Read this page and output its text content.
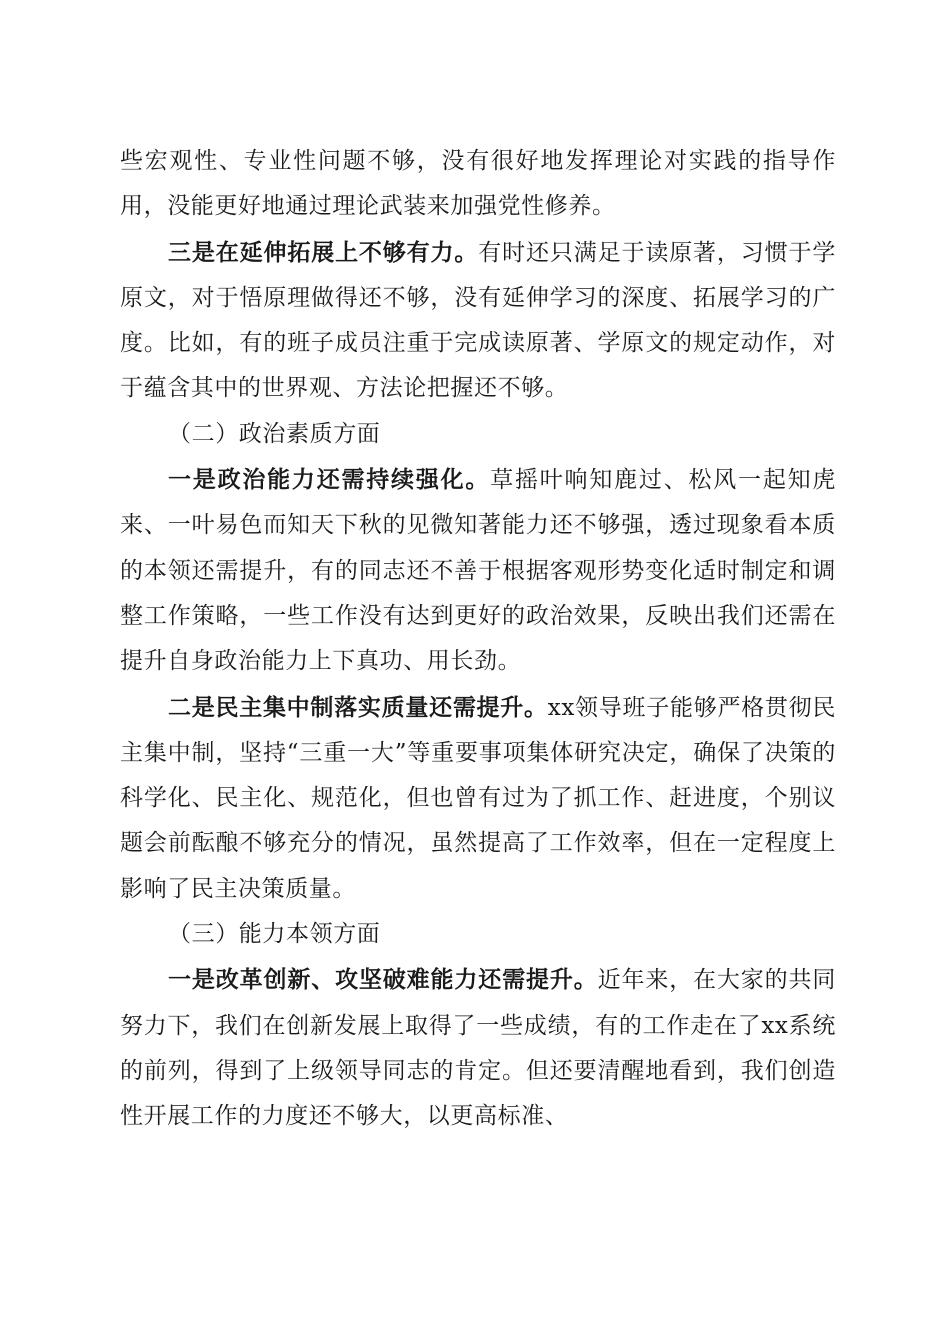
些宏观性、专业性问题不够，没有很好地发挥理论对实践的指导作用，没能更好地通过理论武装来加强党性修养。

三是在延伸拓展上不够有力。有时还只满足于读原著，习惯于学原文，对于悟原理做得还不够，没有延伸学习的深度、拓展学习的广度。比如，有的班子成员注重于完成读原著、学原文的规定动作，对于蕴含其中的世界观、方法论把握还不够。

（二）政治素质方面

一是政治能力还需持续强化。草摇叶响知鹿过、松风一起知虎来、一叶易色而知天下秋的见微知著能力还不够强，透过现象看本质的本领还需提升，有的同志还不善于根据客观形势变化适时制定和调整工作策略，一些工作没有达到更好的政治效果，反映出我们还需在提升自身政治能力上下真功、用长劲。

二是民主集中制落实质量还需提升。xx领导班子能够严格贯彻民主集中制，坚持“三重一大”等重要事项集体研究决定，确保了决策的科学化、民主化、规范化，但也曾有过为了抓工作、赶进度，个别议题会前酝酿不够充分的情况，虽然提高了工作效率，但在一定程度上影响了民主决策质量。

（三）能力本领方面

一是改革创新、攻坚破难能力还需提升。近年来，在大家的共同努力下，我们在创新发展上取得了一些成绩，有的工作走在了xx系统的前列，得到了上级领导同志的肯定。但还要清醒地看到，我们创造性开展工作的力度还不够大，以更高标准、
